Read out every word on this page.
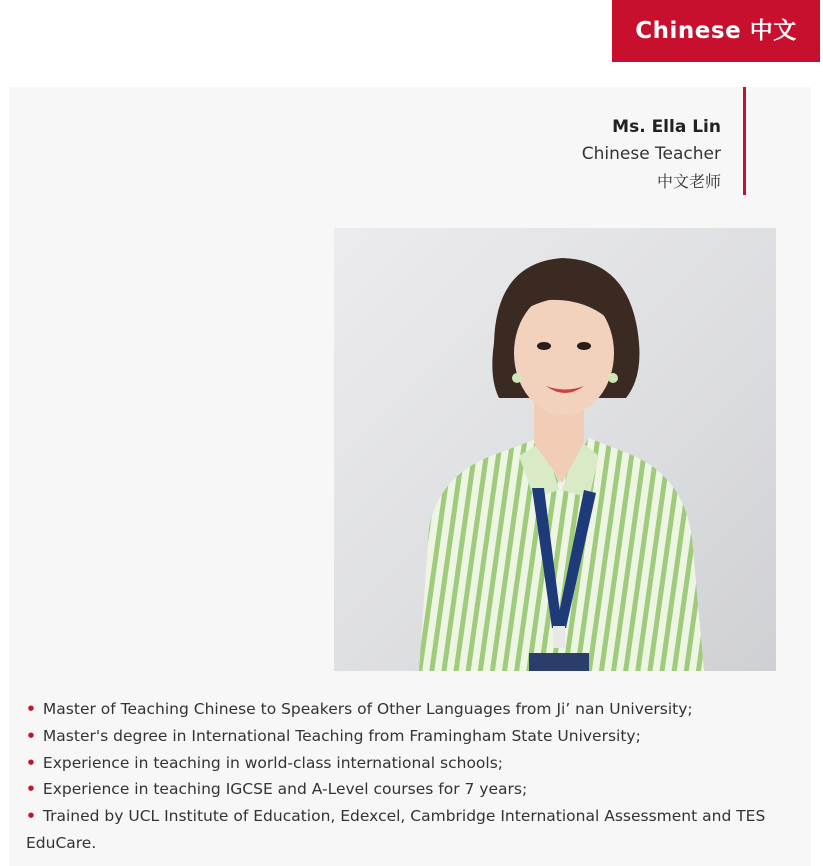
Chinese 中文
Ms. Ella Lin
Chinese Teacher
中文老师
• Master of Teaching Chinese to Speakers of Other Languages from Ji’ nan University;
• Master's degree in International Teaching from Framingham State University;
• Experience in teaching in world-class international schools;
• Experience in teaching IGCSE and A-Level courses for 7 years;
• Trained by UCL Institute of Education, Edexcel, Cambridge International Assessment and TES EduCare.
